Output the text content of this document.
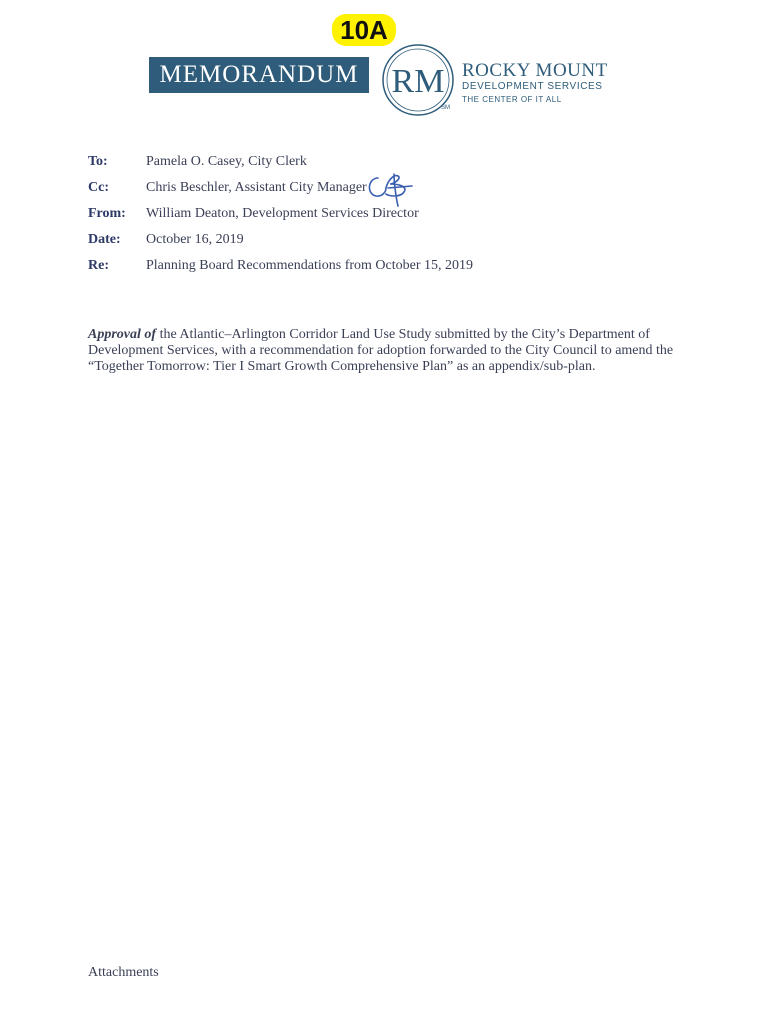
10A
MEMORANDUM RM
SM
ROCKY MOUNT
DEVELOPMENT SERVICES
THE CENTER OF IT ALL
To:	Pamela O. Casey, City Clerk
Cc:	Chris Beschler, Assistant City Manager
From: William Deaton, Development Services Director
Date: October 16, 2019
Re:	Planning Board Recommendations from October 15, 2019

Approval of the Atlantic–Arlington Corridor Land Use Study submitted by the City’s Department of Development Services, with a recommendation for adoption forwarded to the City Council to amend the “Together Tomorrow: Tier I Smart Growth Comprehensive Plan” as an appendix/sub-plan.

Attachments
